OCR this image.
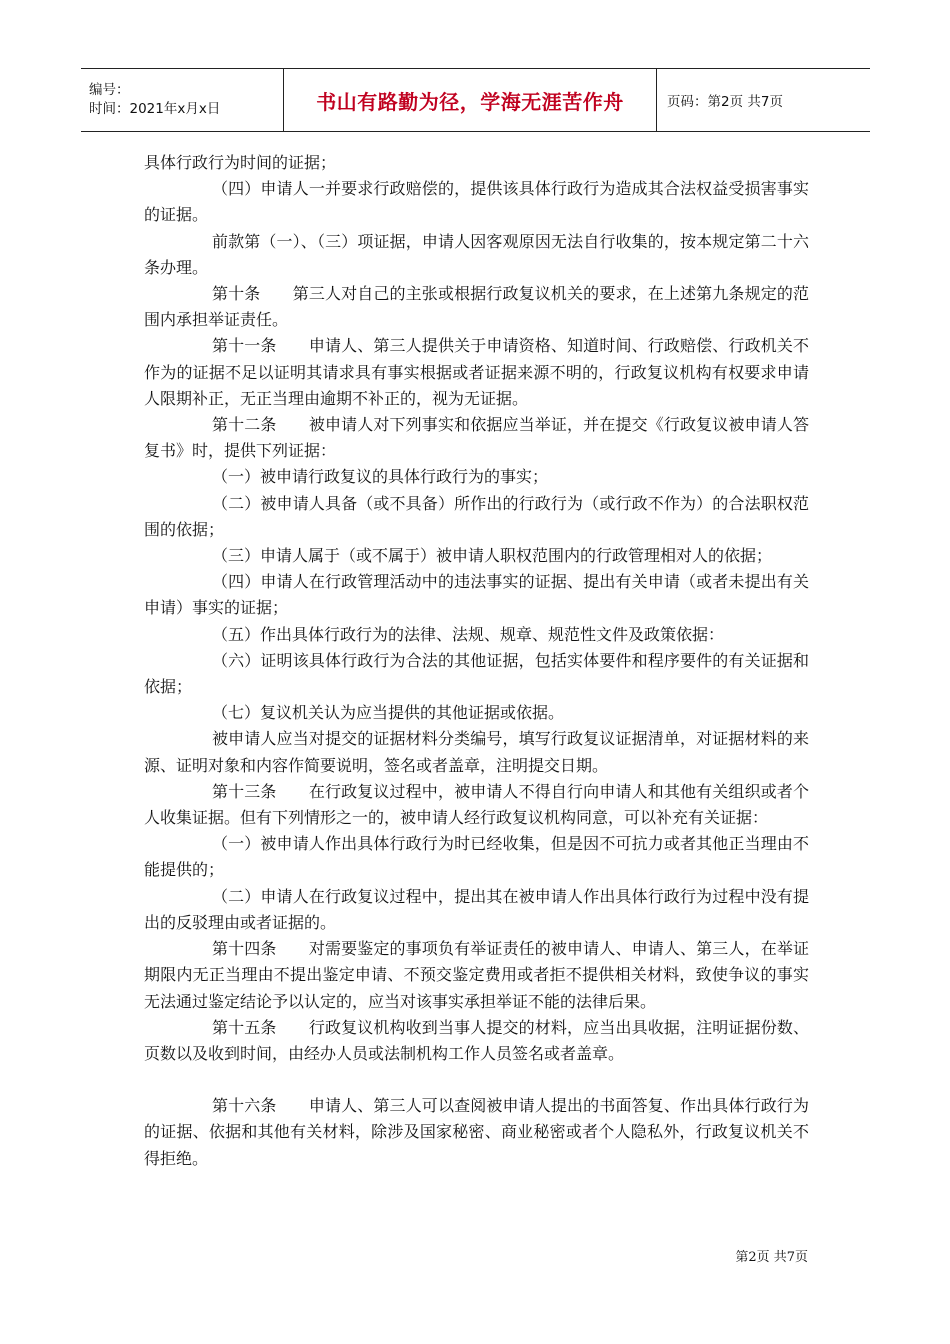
编号：
时间：2021年x月x日	书山有路勤为径，学海无涯苦作舟	页码：第2页 共7页

具体行政行为时间的证据；

（四）申请人一并要求行政赔偿的，提供该具体行政行为造成其合法权益受损害事实的证据。

前款第（一）、（三）项证据，申请人因客观原因无法自行收集的，按本规定第二十六条办理。

第十条　　第三人对自己的主张或根据行政复议机关的要求，在上述第九条规定的范围内承担举证责任。

第十一条　　申请人、第三人提供关于申请资格、知道时间、行政赔偿、行政机关不作为的证据不足以证明其请求具有事实根据或者证据来源不明的，行政复议机构有权要求申请人限期补正，无正当理由逾期不补正的，视为无证据。

第十二条　　被申请人对下列事实和依据应当举证，并在提交《行政复议被申请人答复书》时，提供下列证据：

（一）被申请行政复议的具体行政行为的事实；

（二）被申请人具备（或不具备）所作出的行政行为（或行政不作为）的合法职权范围的依据；

（三）申请人属于（或不属于）被申请人职权范围内的行政管理相对人的依据；

（四）申请人在行政管理活动中的违法事实的证据、提出有关申请（或者未提出有关申请）事实的证据；

（五）作出具体行政行为的法律、法规、规章、规范性文件及政策依据：

（六）证明该具体行政行为合法的其他证据，包括实体要件和程序要件的有关证据和依据；

（七）复议机关认为应当提供的其他证据或依据。

被申请人应当对提交的证据材料分类编号，填写行政复议证据清单，对证据材料的来源、证明对象和内容作简要说明，签名或者盖章，注明提交日期。

第十三条　　在行政复议过程中，被申请人不得自行向申请人和其他有关组织或者个人收集证据。但有下列情形之一的，被申请人经行政复议机构同意，可以补充有关证据：

（一）被申请人作出具体行政行为时已经收集，但是因不可抗力或者其他正当理由不能提供的；

（二）申请人在行政复议过程中，提出其在被申请人作出具体行政行为过程中没有提出的反驳理由或者证据的。

第十四条　　对需要鉴定的事项负有举证责任的被申请人、申请人、第三人，在举证期限内无正当理由不提出鉴定申请、不预交鉴定费用或者拒不提供相关材料，致使争议的事实无法通过鉴定结论予以认定的，应当对该事实承担举证不能的法律后果。

第十五条　　行政复议机构收到当事人提交的材料，应当出具收据，注明证据份数、页数以及收到时间，由经办人员或法制机构工作人员签名或者盖章。

第十六条　　申请人、第三人可以查阅被申请人提出的书面答复、作出具体行政行为的证据、依据和其他有关材料，除涉及国家秘密、商业秘密或者个人隐私外，行政复议机关不得拒绝。

第2页 共7页
